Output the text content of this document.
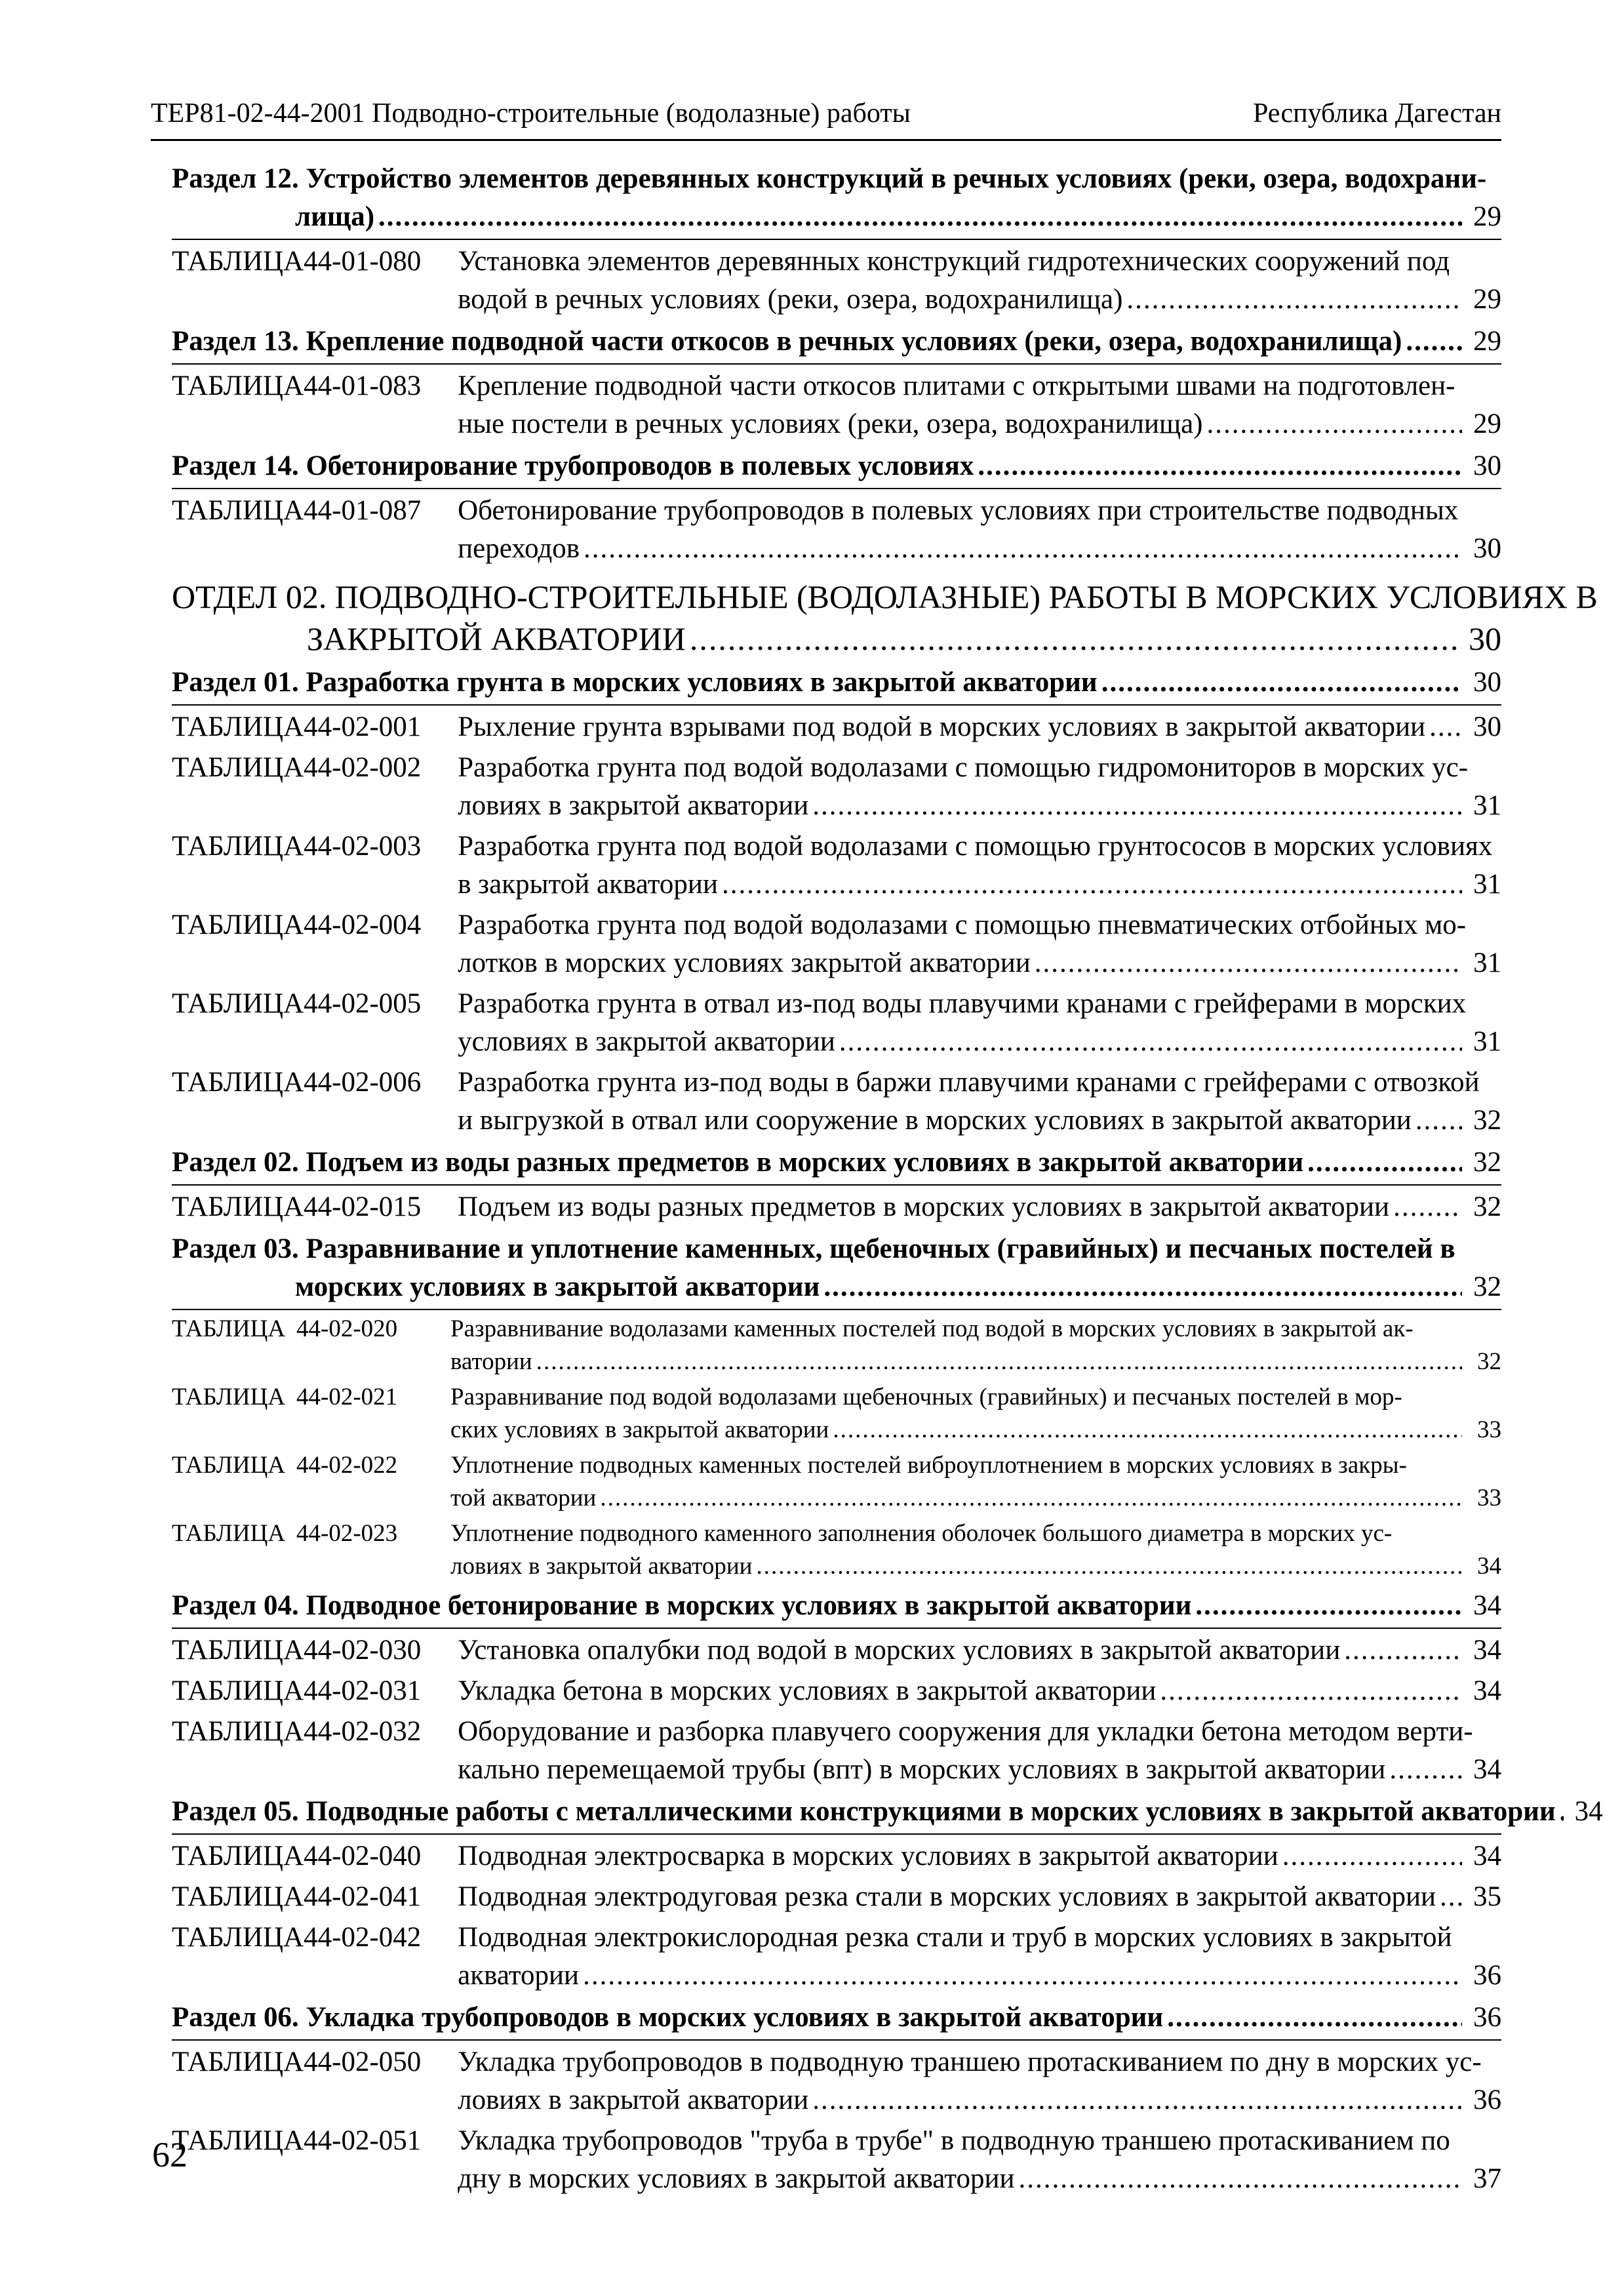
ТЕР81-02-44-2001 Подводно-строительные (водолазные) работы	Республика Дагестан
Раздел 12. Устройство элементов деревянных конструкций в речных условиях (реки, озера, водохрани-
лища) .....	29
ТАБЛИЦА 44-01-080	Установка элементов деревянных конструкций гидротехнических сооружений под
водой в речных условиях (реки, озера, водохранилища) .....	29
Раздел 13. Крепление подводной части откосов в речных условиях (реки, озера, водохранилища) .....	29
ТАБЛИЦА 44-01-083	Крепление подводной части откосов плитами с открытыми швами на подготовлен-
ные постели в речных условиях (реки, озера, водохранилища) .....	29
Раздел 14. Обетонирование трубопроводов в полевых условиях .....	30
ТАБЛИЦА 44-01-087	Обетонирование трубопроводов в полевых условиях при строительстве подводных
переходов .....	30
ОТДЕЛ 02. ПОДВОДНО-СТРОИТЕЛЬНЫЕ (ВОДОЛАЗНЫЕ) РАБОТЫ В МОРСКИХ УСЛОВИЯХ В
ЗАКРЫТОЙ АКВАТОРИИ .....	30
Раздел 01. Разработка грунта в морских условиях в закрытой акватории .....	30
ТАБЛИЦА 44-02-001	Рыхление грунта взрывами под водой в морских условиях в закрытой акватории .....	30
ТАБЛИЦА 44-02-002	Разработка грунта под водой водолазами с помощью гидромониторов в морских ус-
ловиях в закрытой акватории .....	31
ТАБЛИЦА 44-02-003	Разработка грунта под водой водолазами с помощью грунтососов в морских условиях
в закрытой акватории .....	31
ТАБЛИЦА 44-02-004	Разработка грунта под водой водолазами с помощью пневматических отбойных мо-
лотков в морских условиях закрытой акватории .....	31
ТАБЛИЦА 44-02-005	Разработка грунта в отвал из-под воды плавучими кранами с грейферами в морских
условиях в закрытой акватории .....	31
ТАБЛИЦА 44-02-006	Разработка грунта из-под воды в баржи плавучими кранами с грейферами с отвозкой
и выгрузкой в отвал или сооружение в морских условиях в закрытой акватории .....	32
Раздел 02. Подъем из воды разных предметов в морских условиях в закрытой акватории .....	32
ТАБЛИЦА 44-02-015	Подъем из воды разных предметов в морских условиях в закрытой акватории .....	32
Раздел 03. Разравнивание и уплотнение каменных, щебеночных (гравийных) и песчаных постелей в
морских условиях в закрытой акватории .....	32
ТАБЛИЦА 44-02-020	Разравнивание водолазами каменных постелей под водой в морских условиях в закрытой ак-
ватории .....	32
ТАБЛИЦА 44-02-021	Разравнивание под водой водолазами щебеночных (гравийных) и песчаных постелей в мор-
ских условиях в закрытой акватории .....	33
ТАБЛИЦА 44-02-022	Уплотнение подводных каменных постелей виброуплотнением в морских условиях в закры-
той акватории .....	33
ТАБЛИЦА 44-02-023	Уплотнение подводного каменного заполнения оболочек большого диаметра в морских ус-
ловиях в закрытой акватории .....	34
Раздел 04. Подводное бетонирование в морских условиях в закрытой акватории .....	34
ТАБЛИЦА 44-02-030	Установка опалубки под водой в морских условиях в закрытой акватории .....	34
ТАБЛИЦА 44-02-031	Укладка бетона в морских условиях в закрытой акватории .....	34
ТАБЛИЦА 44-02-032	Оборудование и разборка плавучего сооружения для укладки бетона методом верти-
кально перемещаемой трубы (впт) в морских условиях в закрытой акватории .....	34
Раздел 05. Подводные работы с металлическими конструкциями в морских условиях в закрытой акватории ..... 34
ТАБЛИЦА 44-02-040	Подводная электросварка в морских условиях в закрытой акватории .....	34
ТАБЛИЦА 44-02-041	Подводная электродуговая резка стали в морских условиях в закрытой акватории .....	35
ТАБЛИЦА 44-02-042	Подводная электрокислородная резка стали и труб в морских условиях в закрытой
акватории .....	36
Раздел 06. Укладка трубопроводов в морских условиях в закрытой акватории .....	36
ТАБЛИЦА 44-02-050	Укладка трубопроводов в подводную траншею протаскиванием по дну в морских ус-
ловиях в закрытой акватории .....	36
ТАБЛИЦА 44-02-051	Укладка трубопроводов "труба в трубе" в подводную траншею протаскиванием по
дну в морских условиях в закрытой акватории .....	37
62
